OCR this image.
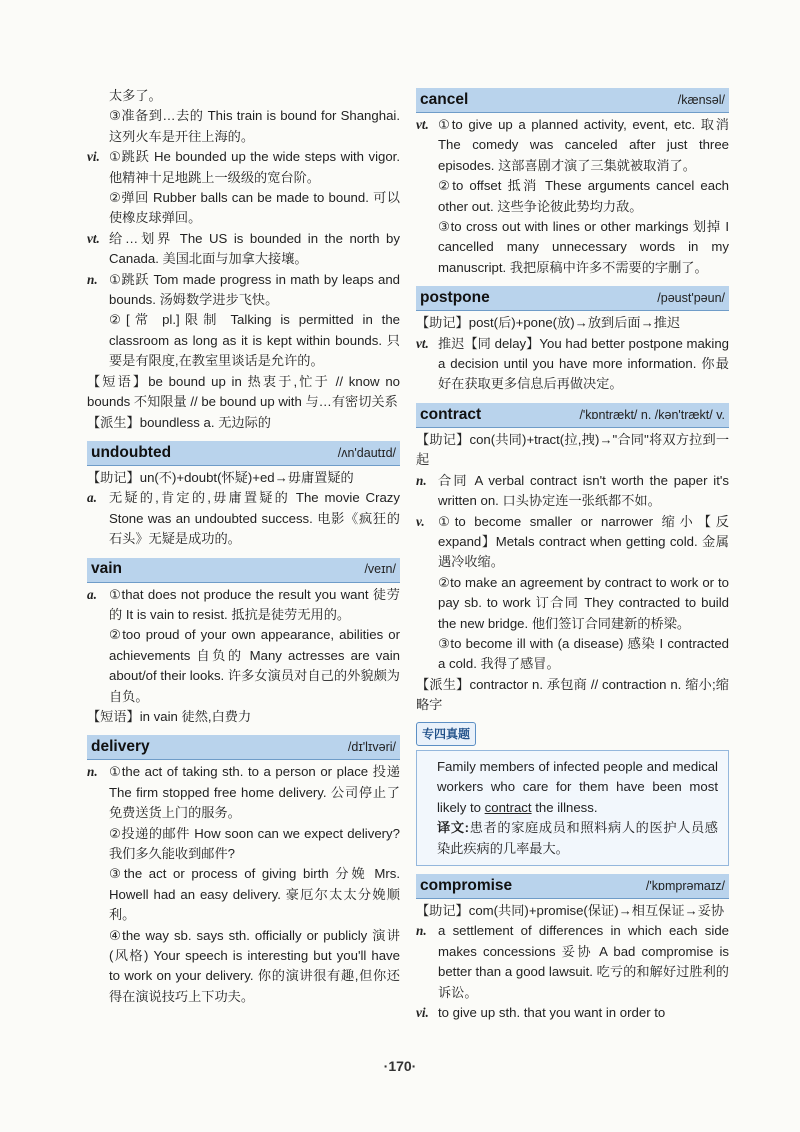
太多了。
③准备到…去的 This train is bound for Shanghai. 这列火车是开往上海的。
vi. ①跳跃 He bounded up the wide steps with vigor. 他精神十足地跳上一级级的宽台阶。
②弹回 Rubber balls can be made to bound. 可以使橡皮球弹回。
vt. 给…划界 The US is bounded in the north by Canada. 美国北面与加拿大接壤。
n. ①跳跃 Tom made progress in math by leaps and bounds. 汤姆数学进步飞快。
②[常 pl.]限制 Talking is permitted in the classroom as long as it is kept within bounds. 只要是有限度,在教室里谈话是允许的。
【短语】be bound up in 热衷于,忙于 // know no bounds 不知限量 // be bound up with 与…有密切关系
【派生】boundless a. 无边际的
undoubted	/ʌn'dautɪd/
【助记】un(不)+doubt(怀疑)+ed→毋庸置疑的
a. 无疑的,肯定的,毋庸置疑的 The movie Crazy Stone was an undoubted success. 电影《疯狂的石头》无疑是成功的。
vain	/veɪn/
a. ①that does not produce the result you want 徒劳的 It is vain to resist. 抵抗是徒劳无用的。
②too proud of your own appearance, abilities or achievements 自负的 Many actresses are vain about/of their looks. 许多女演员对自己的外貌颇为自负。
【短语】in vain 徒然,白费力
delivery	/dɪ'lɪvəri/
n. ①the act of taking sth. to a person or place 投递 The firm stopped free home delivery. 公司停止了免费送货上门的服务。
②投递的邮件 How soon can we expect delivery? 我们多久能收到邮件?
③the act or process of giving birth 分娩 Mrs. Howell had an easy delivery. 豪厄尔太太分娩顺利。
④the way sb. says sth. officially or publicly 演讲(风格) Your speech is interesting but you'll have to work on your delivery. 你的演讲很有趣,但你还得在演说技巧上下功夫。
cancel	/kænsəl/
vt. ①to give up a planned activity, event, etc. 取消 The comedy was canceled after just three episodes. 这部喜剧才演了三集就被取消了。
②to offset 抵消 These arguments cancel each other out. 这些争论彼此势均力敌。
③to cross out with lines or other markings 划掉 I cancelled many unnecessary words in my manuscript. 我把原稿中许多不需要的字删了。
postpone	/pəust'pəun/
【助记】post(后)+pone(放)→放到后面→推迟
vt. 推迟【同 delay】You had better postpone making a decision until you have more information. 你最好在获取更多信息后再做决定。
contract	/'kɒntrækt/ n. /kən'trækt/ v.
【助记】con(共同)+tract(拉,拽)→"合同"将双方拉到一起
n. 合同 A verbal contract isn't worth the paper it's written on. 口头协定连一张纸都不如。
v. ①to become smaller or narrower 缩小【反 expand】Metals contract when getting cold. 金属遇冷收缩。
②to make an agreement by contract to work or to pay sb. to work 订合同 They contracted to build the new bridge. 他们签订合同建新的桥梁。
③to become ill with (a disease) 感染 I contracted a cold. 我得了感冒。
【派生】contractor n. 承包商 // contraction n. 缩小;缩略字
专四真题
Family members of infected people and medical workers who care for them have been most likely to contract the illness.
译文:患者的家庭成员和照料病人的医护人员感染此疾病的几率最大。
compromise	/'kɒmprəmaɪz/
【助记】com(共同)+promise(保证)→相互保证→妥协
n. a settlement of differences in which each side makes concessions 妥协 A bad compromise is better than a good lawsuit. 吃亏的和解好过胜利的诉讼。
vi. to give up sth. that you want in order to
·170·
